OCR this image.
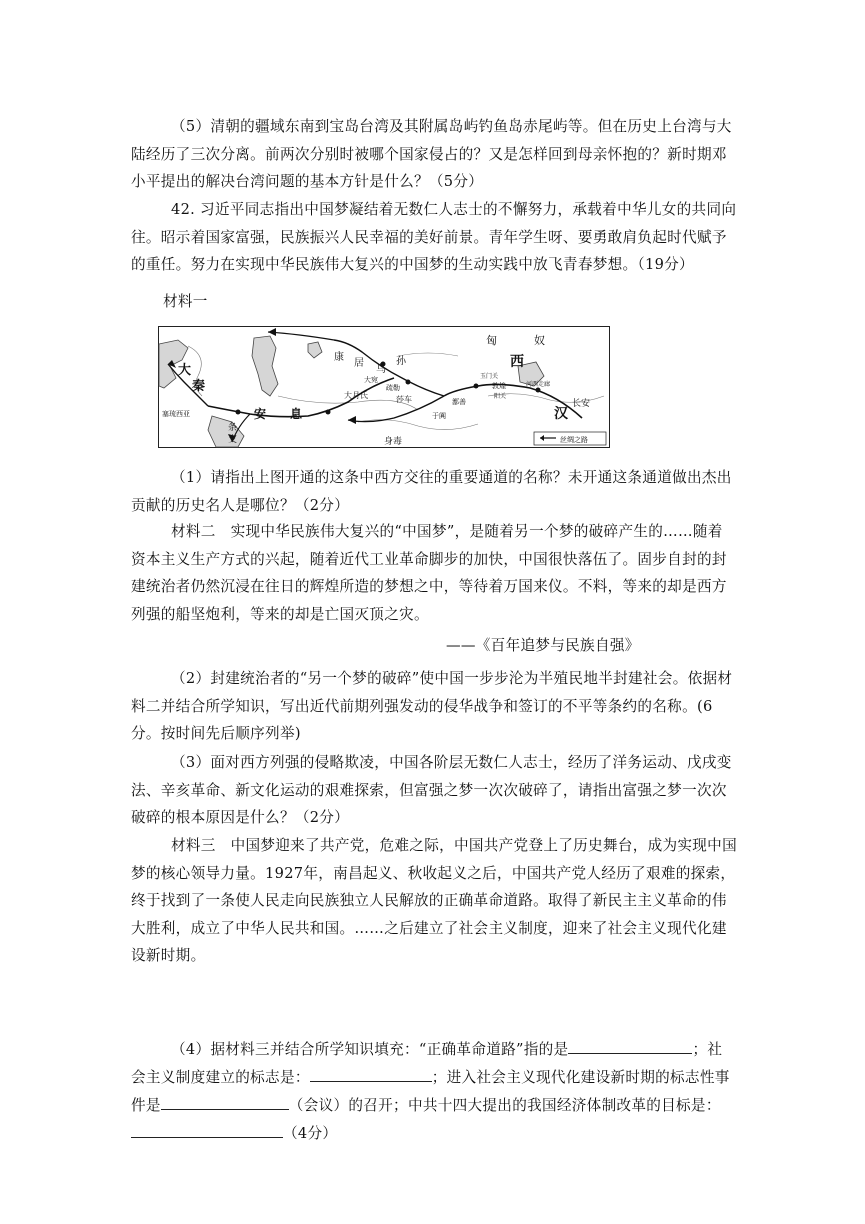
（5）清朝的疆域东南到宝岛台湾及其附属岛屿钓鱼岛赤尾屿等。但在历史上台湾与大陆经历了三次分离。前两次分别时被哪个国家侵占的？又是怎样回到母亲怀抱的？新时期邓小平提出的解决台湾问题的基本方针是什么？（5分）

42. 习近平同志指出中国梦凝结着无数仁人志士的不懈努力，承载着中华儿女的共同向往。昭示着国家富强，民族振兴人民幸福的美好前景。青年学生呀、要勇敢肩负起时代赋予的重任。努力在实现中华民族伟大复兴的中国梦的生动实践中放飞青春梦想。（19分）

材料一
匈	奴
西
康
居
乌
孙
大宛
疏勒
玉门关
敦煌
阳关
河西走廊
长安
汉
大
秦
塞琉西亚	安 息
大月氏	莎车
于阗
鄯善
条
支	身毒	丝绸之路

（1）请指出上图开通的这条中西方交往的重要通道的名称？未开通这条通道做出杰出贡献的历史名人是哪位？（2分）

材料二　实现中华民族伟大复兴的“中国梦”，是随着另一个梦的破碎产生的……随着资本主义生产方式的兴起，随着近代工业革命脚步的加快，中国很快落伍了。固步自封的封建统治者仍然沉浸在往日的辉煌所造的梦想之中，等待着万国来仪。不料，等来的却是西方列强的船坚炮利，等来的却是亡国灭顶之灾。

——《百年追梦与民族自强》

（2）封建统治者的“另一个梦的破碎”使中国一步步沦为半殖民地半封建社会。依据材料二并结合所学知识，写出近代前期列强发动的侵华战争和签订的不平等条约的名称。(6分。按时间先后顺序列举)

（3）面对西方列强的侵略欺凌，中国各阶层无数仁人志士，经历了洋务运动、戊戌变法、辛亥革命、新文化运动的艰难探索，但富强之梦一次次破碎了，请指出富强之梦一次次破碎的根本原因是什么？（2分）

材料三　中国梦迎来了共产党，危难之际，中国共产党登上了历史舞台，成为实现中国梦的核心领导力量。1927年，南昌起义、秋收起义之后，中国共产党人经历了艰难的探索，终于找到了一条使人民走向民族独立人民解放的正确革命道路。取得了新民主主义革命的伟大胜利，成立了中华人民共和国。……之后建立了社会主义制度，迎来了社会主义现代化建设新时期。

（4）据材料三并结合所学知识填充：“正确革命道路”指的是	；社
会主义制度建立的标志是：	；进入社会主义现代化建设新时期的标志性事
件是	（会议）的召开；中共十四大提出的我国经济体制改革的目标是：
（4分）
